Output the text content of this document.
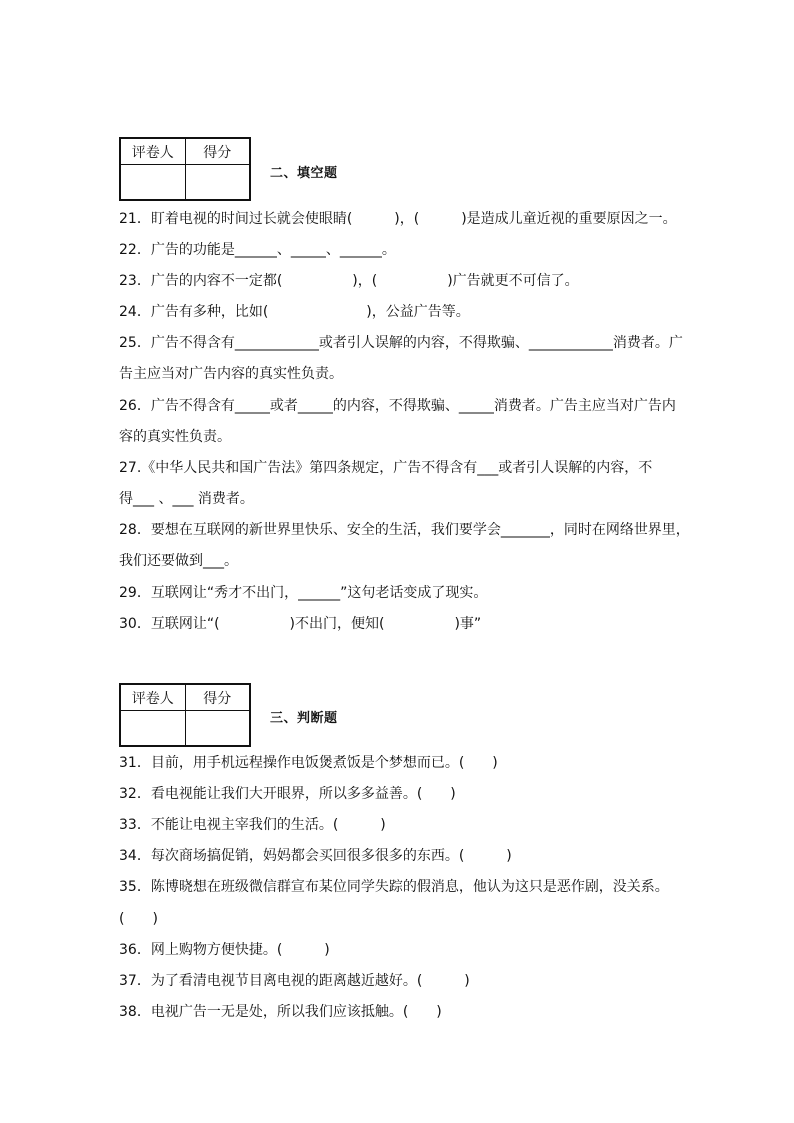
评卷人	得分

二、填空题
21．盯着电视的时间过长就会使眼睛(　　　)，(　　　)是造成儿童近视的重要原因之一。
22．广告的功能是______、_____、______。
23．广告的内容不一定都(　　　　　)，(　　　　　)广告就更不可信了。
24．广告有多种，比如(　　　　　　　)，公益广告等。
25．广告不得含有____________或者引人误解的内容，不得欺骗、____________消费者。广
告主应当对广告内容的真实性负责。
26．广告不得含有_____或者_____的内容，不得欺骗、_____消费者。广告主应当对广告内
容的真实性负责。
27.《中华人民共和国广告法》第四条规定，广告不得含有___或者引人误解的内容，不
得___ 、___ 消费者。
28．要想在互联网的新世界里快乐、安全的生活，我们要学会_______，同时在网络世界里，
我们还要做到___。
29．互联网让“秀才不出门，______”这句老话变成了现实。
30．互联网让“(　　　　　)不出门，便知(　　　　　)事”
评卷人	得分

三、判断题
31．目前，用手机远程操作电饭煲煮饭是个梦想而已。(　　)
32．看电视能让我们大开眼界，所以多多益善。(　　)
33．不能让电视主宰我们的生活。(　　　)
34．每次商场搞促销，妈妈都会买回很多很多的东西。(　　　)
35．陈博晓想在班级微信群宣布某位同学失踪的假消息，他认为这只是恶作剧，没关系。
(　　)
36．网上购物方便快捷。(　　　)
37．为了看清电视节目离电视的距离越近越好。(　　　)
38．电视广告一无是处，所以我们应该抵触。(　　)
